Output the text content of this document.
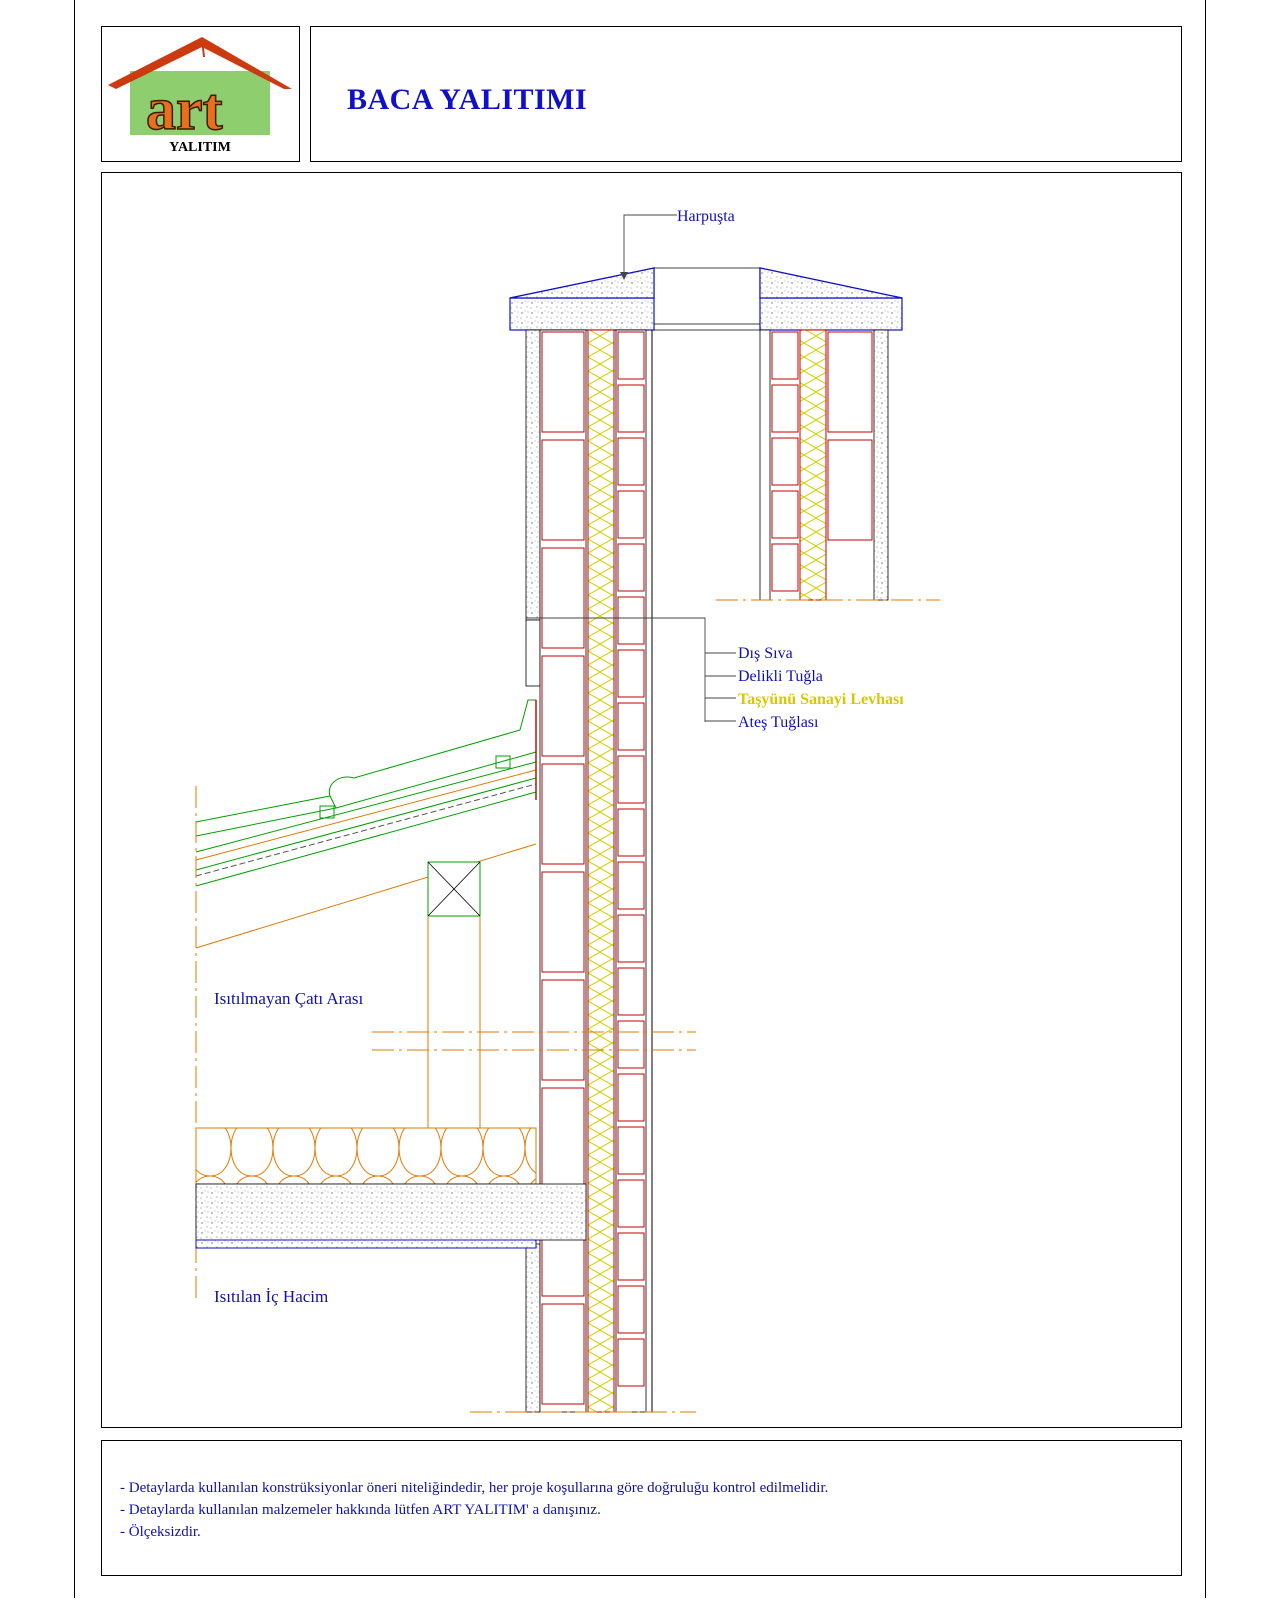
art
YALITIM
BACA YALITIMI
Harpuşta
Dış Sıva
Delikli Tuğla
Taşyünü Sanayi Levhası
Ateş Tuğlası
Isıtılmayan Çatı Arası
Isıtılan İç Hacim
- Detaylarda kullanılan konstrüksiyonlar öneri niteliğindedir, her proje koşullarına göre doğruluğu kontrol edilmelidir.
- Detaylarda kullanılan malzemeler hakkında lütfen ART YALITIM' a danışınız.
- Ölçeksizdir.
